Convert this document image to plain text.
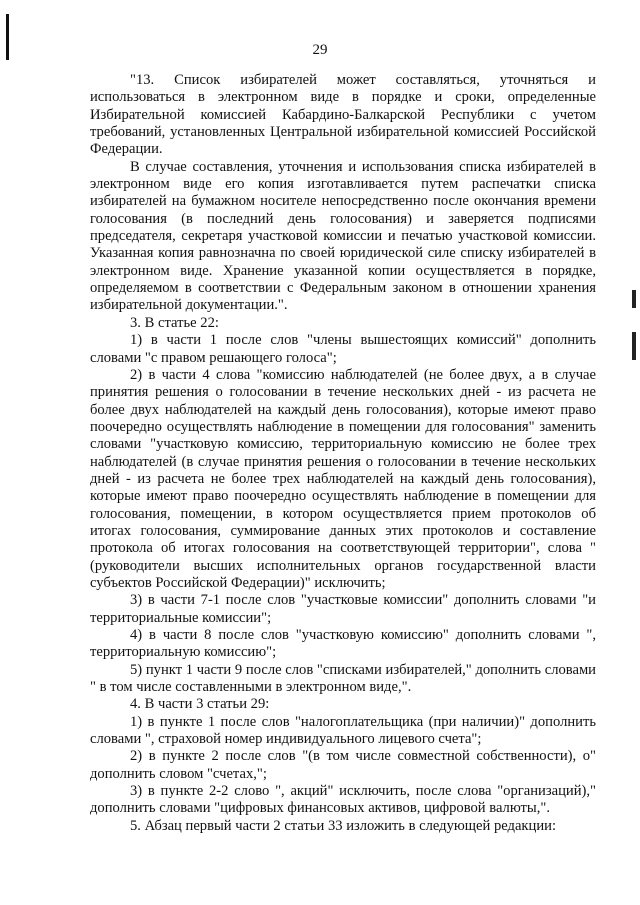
29

"13. Список избирателей может составляться, уточняться и использоваться в электронном виде в порядке и сроки, определенные Избирательной комиссией Кабардино-Балкарской Республики с учетом требований, установленных Центральной избирательной комиссией Российской Федерации.

В случае составления, уточнения и использования списка избирателей в электронном виде его копия изготавливается путем распечатки списка избирателей на бумажном носителе непосредственно после окончания времени голосования (в последний день голосования) и заверяется подписями председателя, секретаря участковой комиссии и печатью участковой комиссии. Указанная копия равнозначна по своей юридической силе списку избирателей в электронном виде. Хранение указанной копии осуществляется в порядке, определяемом в соответствии с Федеральным законом в отношении хранения избирательной документации.".

3. В статье 22:

1) в части 1 после слов "члены вышестоящих комиссий" дополнить словами "с правом решающего голоса";

2) в части 4 слова "комиссию наблюдателей (не более двух, а в случае принятия решения о голосовании в течение нескольких дней - из расчета не более двух наблюдателей на каждый день голосования), которые имеют право поочередно осуществлять наблюдение в помещении для голосования" заменить словами "участковую комиссию, территориальную комиссию не более трех наблюдателей (в случае принятия решения о голосовании в течение нескольких дней - из расчета не более трех наблюдателей на каждый день голосования), которые имеют право поочередно осуществлять наблюдение в помещении для голосования, помещении, в котором осуществляется прием протоколов об итогах голосования, суммирование данных этих протоколов и составление протокола об итогах голосования на соответствующей территории", слова "(руководители высших исполнительных органов государственной власти субъектов Российской Федерации)" исключить;

3) в части 7-1 после слов "участковые комиссии" дополнить словами "и территориальные комиссии";

4) в части 8 после слов "участковую комиссию" дополнить словами ", территориальную комиссию";

5) пункт 1 части 9 после слов "списками избирателей," дополнить словами " в том числе составленными в электронном виде,".

4. В части 3 статьи 29:

1) в пункте 1 после слов "налогоплательщика (при наличии)" дополнить словами ", страховой номер индивидуального лицевого счета";

2) в пункте 2 после слов "(в том числе совместной собственности), о" дополнить словом "счетах,";

3) в пункте 2-2 слово ", акций" исключить, после слова "организаций)," дополнить словами "цифровых финансовых активов, цифровой валюты,".

5. Абзац первый части 2 статьи 33 изложить в следующей редакции:
